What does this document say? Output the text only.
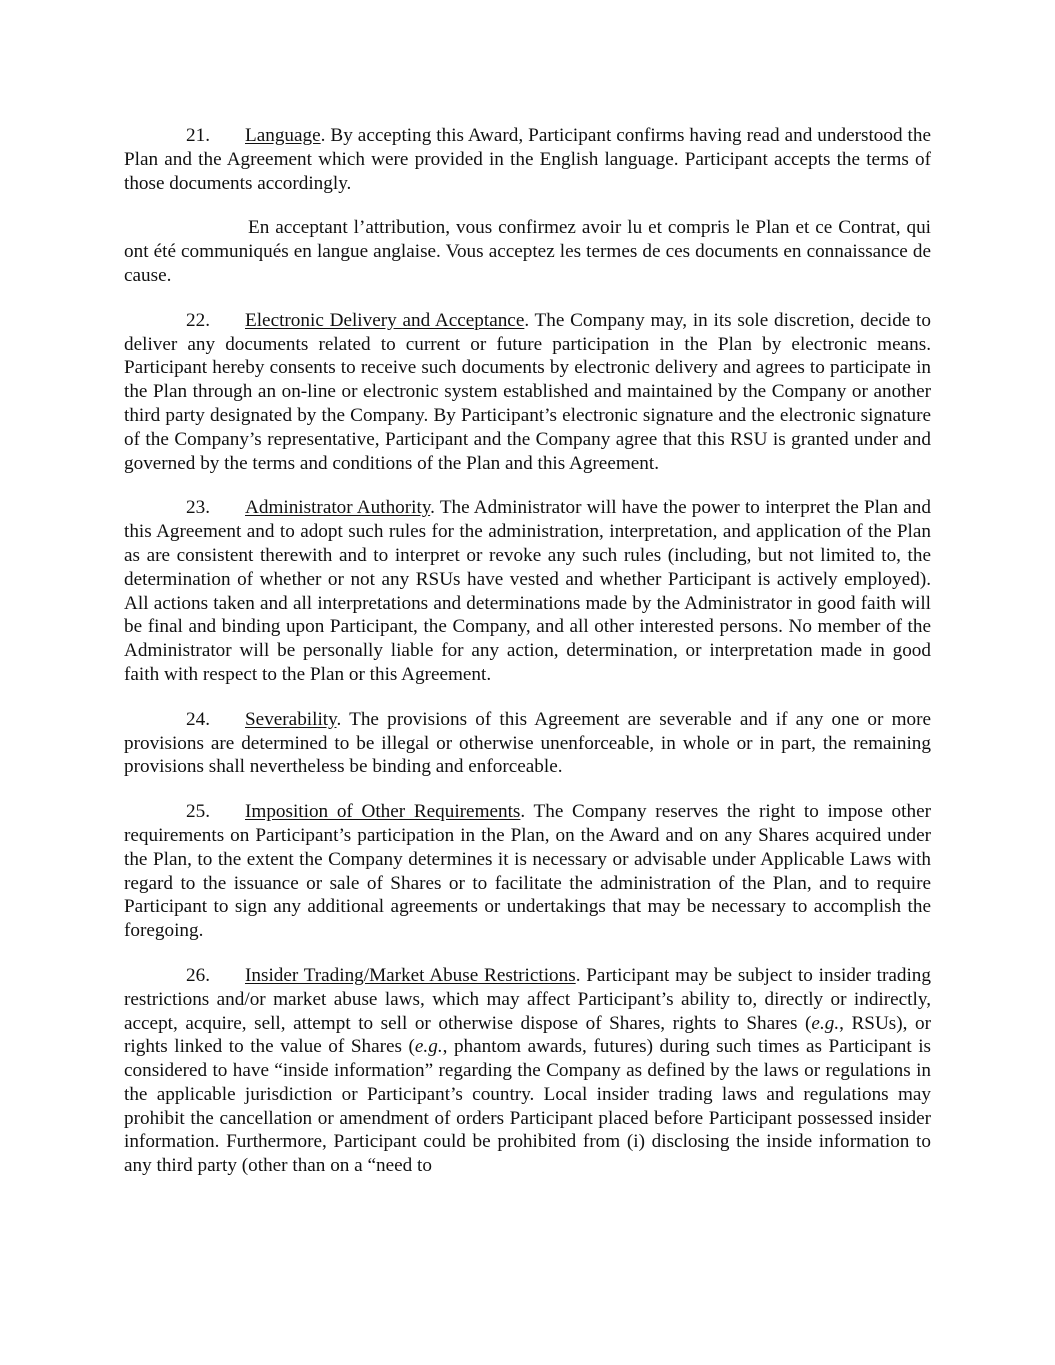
21. Language. By accepting this Award, Participant confirms having read and understood the Plan and the Agreement which were provided in the English language. Participant accepts the terms of those documents accordingly.

En acceptant l’attribution, vous confirmez avoir lu et compris le Plan et ce Contrat, qui ont été communiqués en langue anglaise. Vous acceptez les termes de ces documents en connaissance de cause.

22. Electronic Delivery and Acceptance. The Company may, in its sole discretion, decide to deliver any documents related to current or future participation in the Plan by electronic means. Participant hereby consents to receive such documents by electronic delivery and agrees to participate in the Plan through an on-line or electronic system established and maintained by the Company or another third party designated by the Company. By Participant’s electronic signature and the electronic signature of the Company’s representative, Participant and the Company agree that this RSU is granted under and governed by the terms and conditions of the Plan and this Agreement.

23. Administrator Authority. The Administrator will have the power to interpret the Plan and this Agreement and to adopt such rules for the administration, interpretation, and application of the Plan as are consistent therewith and to interpret or revoke any such rules (including, but not limited to, the determination of whether or not any RSUs have vested and whether Participant is actively employed). All actions taken and all interpretations and determinations made by the Administrator in good faith will be final and binding upon Participant, the Company, and all other interested persons. No member of the Administrator will be personally liable for any action, determination, or interpretation made in good faith with respect to the Plan or this Agreement.

24. Severability. The provisions of this Agreement are severable and if any one or more provisions are determined to be illegal or otherwise unenforceable, in whole or in part, the remaining provisions shall nevertheless be binding and enforceable.

25. Imposition of Other Requirements. The Company reserves the right to impose other requirements on Participant’s participation in the Plan, on the Award and on any Shares acquired under the Plan, to the extent the Company determines it is necessary or advisable under Applicable Laws with regard to the issuance or sale of Shares or to facilitate the administration of the Plan, and to require Participant to sign any additional agreements or undertakings that may be necessary to accomplish the foregoing.

26. Insider Trading/Market Abuse Restrictions. Participant may be subject to insider trading restrictions and/or market abuse laws, which may affect Participant’s ability to, directly or indirectly, accept, acquire, sell, attempt to sell or otherwise dispose of Shares, rights to Shares (e.g., RSUs), or rights linked to the value of Shares (e.g., phantom awards, futures) during such times as Participant is considered to have “inside information” regarding the Company as defined by the laws or regulations in the applicable jurisdiction or Participant’s country. Local insider trading laws and regulations may prohibit the cancellation or amendment of orders Participant placed before Participant possessed insider information. Furthermore, Participant could be prohibited from (i) disclosing the inside information to any third party (other than on a “need to
